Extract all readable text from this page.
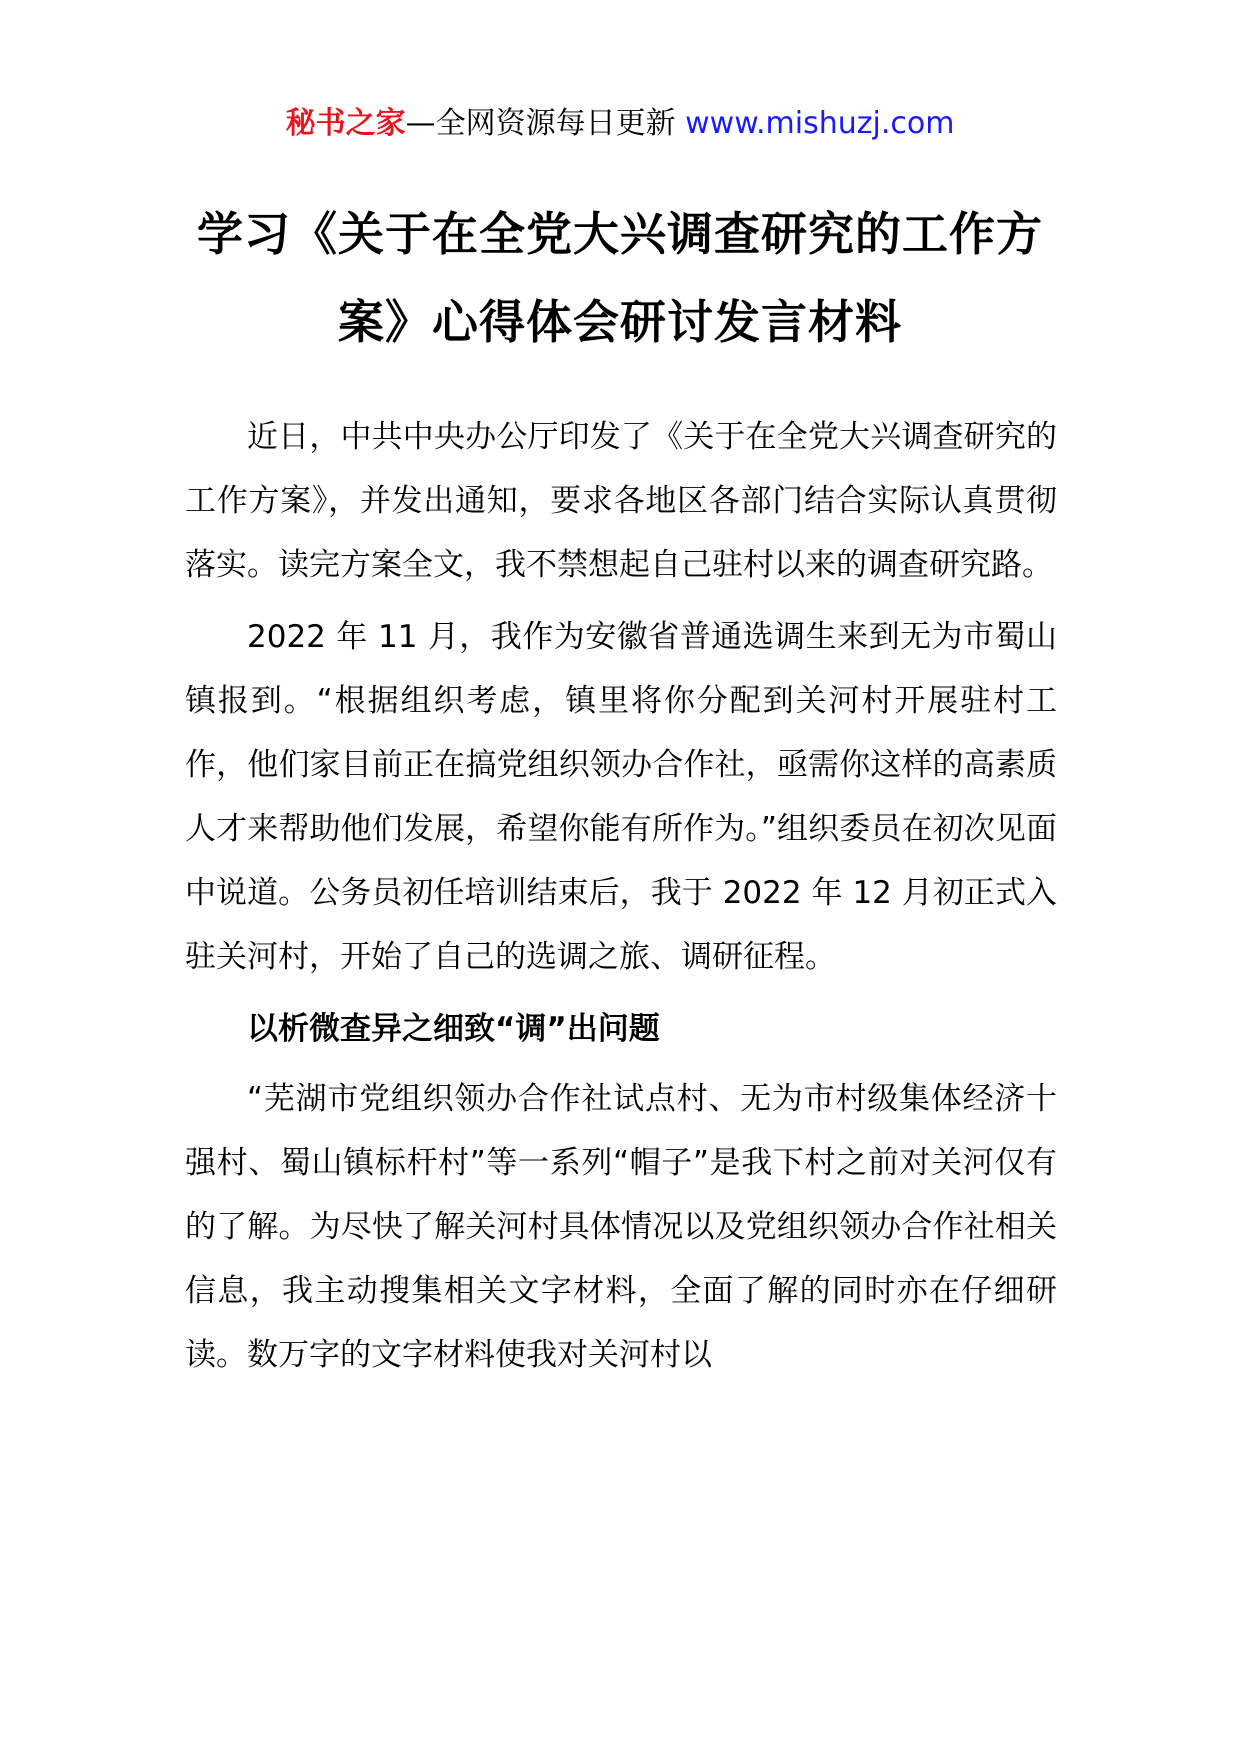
秘书之家—全网资源每日更新 www.mishuzj.com
学习《关于在全党大兴调查研究的工作方案》心得体会研讨发言材料

近日，中共中央办公厅印发了《关于在全党大兴调查研究的工作方案》，并发出通知，要求各地区各部门结合实际认真贯彻落实。读完方案全文，我不禁想起自己驻村以来的调查研究路。

2022 年 11 月，我作为安徽省普通选调生来到无为市蜀山镇报到。“根据组织考虑，镇里将你分配到关河村开展驻村工作，他们家目前正在搞党组织领办合作社，亟需你这样的高素质人才来帮助他们发展，希望你能有所作为。”组织委员在初次见面中说道。公务员初任培训结束后，我于 2022 年 12 月初正式入驻关河村，开始了自己的选调之旅、调研征程。

以析微查异之细致“调”出问题

“芜湖市党组织领办合作社试点村、无为市村级集体经济十强村、蜀山镇标杆村”等一系列“帽子”是我下村之前对关河仅有的了解。为尽快了解关河村具体情况以及党组织领办合作社相关信息，我主动搜集相关文字材料，全面了解的同时亦在仔细研读。数万字的文字材料使我对关河村以
